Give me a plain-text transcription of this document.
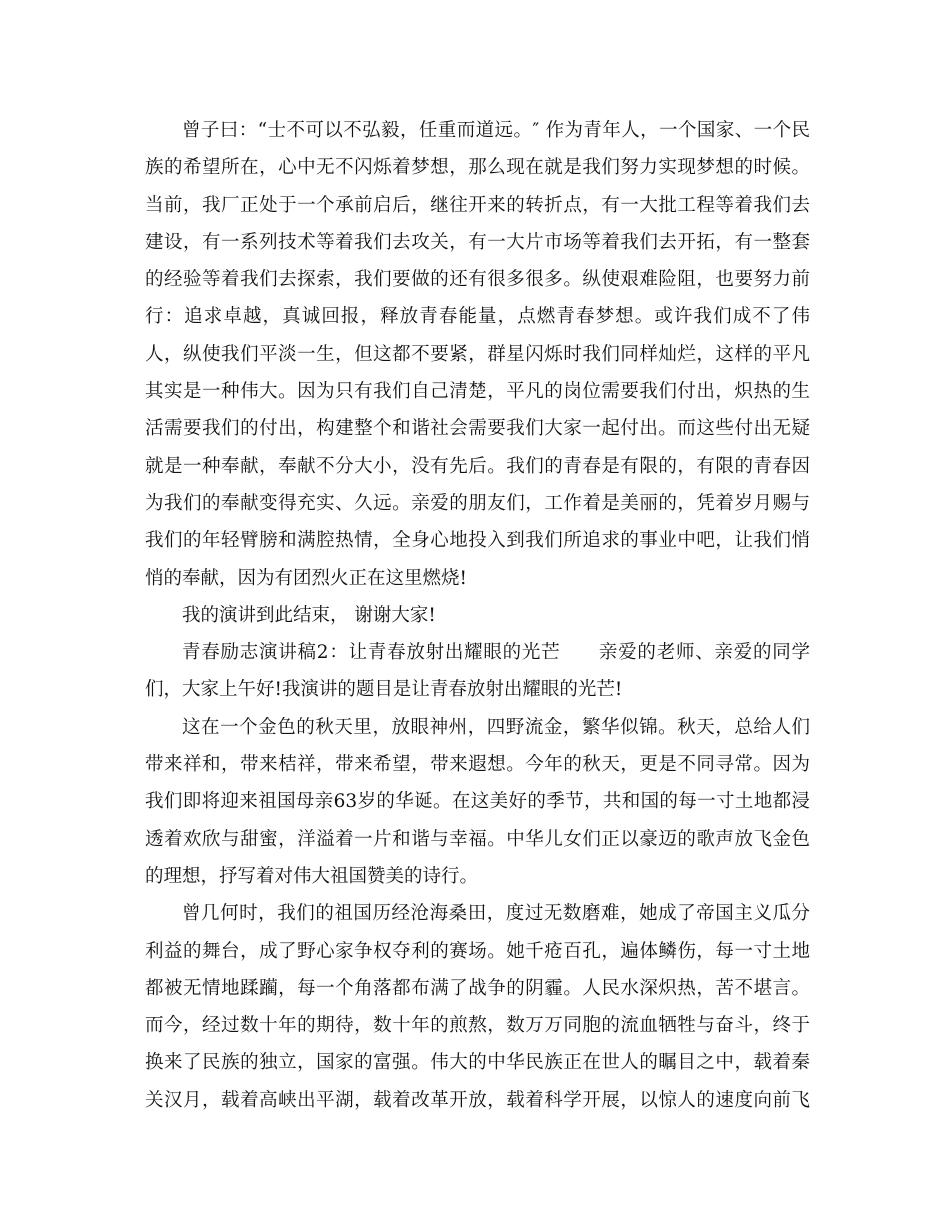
曾子曰：“士不可以不弘毅，任重而道远。″ 作为青年人，一个国家、一个民
族的希望所在，心中无不闪烁着梦想，那么现在就是我们努力实现梦想的时候。
当前，我厂正处于一个承前启后，继往开来的转折点，有一大批工程等着我们去
建设，有一系列技术等着我们去攻关，有一大片市场等着我们去开拓，有一整套
的经验等着我们去探索，我们要做的还有很多很多。纵使艰难险阻，也要努力前
行：追求卓越，真诚回报，释放青春能量，点燃青春梦想。或许我们成不了伟
人，纵使我们平淡一生，但这都不要紧，群星闪烁时我们同样灿烂，这样的平凡
其实是一种伟大。因为只有我们自己清楚，平凡的岗位需要我们付出，炽热的生
活需要我们的付出，构建整个和谐社会需要我们大家一起付出。而这些付出无疑
就是一种奉献，奉献不分大小，没有先后。我们的青春是有限的，有限的青春因
为我们的奉献变得充实、久远。亲爱的朋友们，工作着是美丽的，凭着岁月赐与
我们的年轻臂膀和满腔热情，全身心地投入到我们所追求的事业中吧，让我们悄
悄的奉献，因为有团烈火正在这里燃烧!
我的演讲到此结束， 谢谢大家!
青春励志演讲稿2：让青春放射出耀眼的光芒　　亲爱的老师、亲爱的同学
们，大家上午好!我演讲的题目是让青春放射出耀眼的光芒!
这在一个金色的秋天里，放眼神州，四野流金，繁华似锦。秋天，总给人们
带来祥和，带来桔祥，带来希望，带来遐想。今年的秋天，更是不同寻常。因为
我们即将迎来祖国母亲63岁的华诞。在这美好的季节，共和国的每一寸土地都浸
透着欢欣与甜蜜，洋溢着一片和谐与幸福。中华儿女们正以豪迈的歌声放飞金色
的理想，抒写着对伟大祖国赞美的诗行。
曾几何时，我们的祖国历经沧海桑田，度过无数磨难，她成了帝国主义瓜分
利益的舞台，成了野心家争权夺利的赛场。她千疮百孔，遍体鳞伤，每一寸土地
都被无情地蹂躏，每一个角落都布满了战争的阴霾。人民水深炽热，苦不堪言。
而今，经过数十年的期待，数十年的煎熬，数万万同胞的流血牺牲与奋斗，终于
换来了民族的独立，国家的富强。伟大的中华民族正在世人的瞩目之中，载着秦
关汉月，载着高峡出平湖，载着改革开放，载着科学开展，以惊人的速度向前飞
